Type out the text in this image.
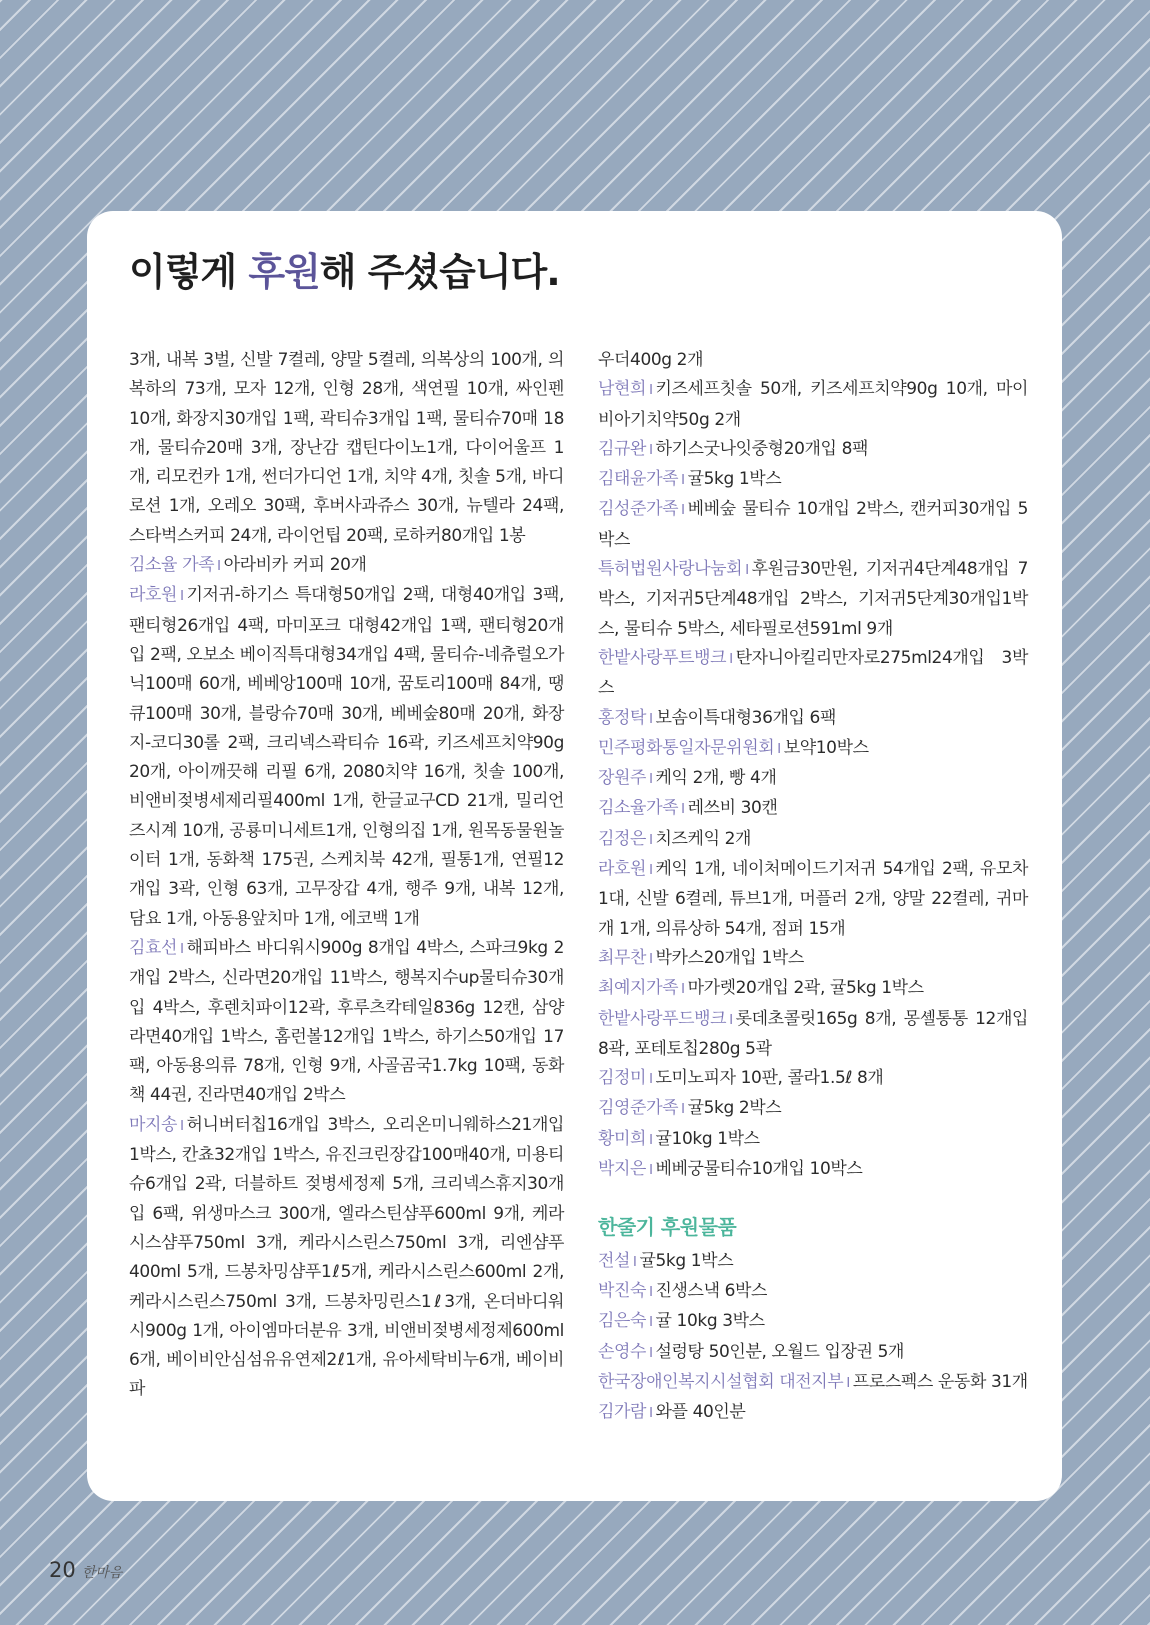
이렇게 후원해 주셨습니다.

3개, 내복 3벌, 신발 7켤레, 양말 5켤레, 의복상의 100개, 의복하의 73개, 모자 12개, 인형 28개, 색연필 10개, 싸인펜 10개, 화장지30개입 1팩, 곽티슈3개입 1팩, 물티슈70매 18개, 물티슈20매 3개, 장난감 캡틴다이노1개, 다이어울프 1개, 리모컨카 1개, 썬더가디언 1개, 치약 4개, 칫솔 5개, 바디로션 1개, 오레오 30팩, 후버사과쥬스 30개, 뉴텔라 24팩, 스타벅스커피 24개, 라이언팁 20팩, 로하커80개입 1봉

김소율 가족 I 아라비카 커피 20개

라호원 I 기저귀-하기스 특대형50개입 2팩, 대형40개입 3팩, 팬티형26개입 4팩, 마미포크 대형42개입 1팩, 팬티형20개입 2팩, 오보소 베이직특대형34개입 4팩, 물티슈-네츄럴오가닉100매 60개, 베베앙100매 10개, 꿈토리100매 84개, 땡큐100매 30개, 블랑슈70매 30개, 베베숲80매 20개, 화장지-코디30롤 2팩, 크리넥스곽티슈 16곽, 키즈세프치약90g 20개, 아이깨끗해 리필 6개, 2080치약 16개, 칫솔 100개, 비앤비젖병세제리필400ml 1개, 한글교구CD 21개, 밀리언즈시계 10개, 공룡미니세트1개, 인형의집 1개, 원목동물원놀이터 1개, 동화책 175권, 스케치북 42개, 필통1개, 연필12개입 3곽, 인형 63개, 고무장갑 4개, 행주 9개, 내복 12개, 담요 1개, 아동용앞치마 1개, 에코백 1개

김효선 I 해피바스 바디워시900g 8개입 4박스, 스파크9kg 2개입 2박스, 신라면20개입 11박스, 행복지수up물티슈30개입 4박스, 후렌치파이12곽, 후루츠칵테일836g 12캔, 삼양라면40개입 1박스, 홈런볼12개입 1박스, 하기스50개입 17팩, 아동용의류 78개, 인형 9개, 사골곰국1.7kg 10팩, 동화책 44권, 진라면40개입 2박스

마지송 I 허니버터칩16개입 3박스, 오리온미니웨하스21개입 1박스, 칸쵸32개입 1박스, 유진크린장갑100매40개, 미용티슈6개입 2곽, 더블하트 젖병세정제 5개, 크리넥스휴지30개입 6팩, 위생마스크 300개, 엘라스틴샴푸600ml 9개, 케라시스샴푸750ml 3개, 케라시스린스750ml 3개, 리엔샴푸400ml 5개, 드봉차밍샴푸1ℓ5개, 케라시스린스600ml 2개, 케라시스린스750ml 3개, 드봉차밍린스1ℓ3개, 온더바디워시900g 1개, 아이엠마더분유 3개, 비앤비젖병세정제600ml 6개, 베이비안심섬유유연제2ℓ1개, 유아세탁비누6개, 베이비파

우더400g 2개

남현희 I 키즈세프칫솔 50개, 키즈세프치약90g 10개, 마이비아기치약50g 2개

김규완 I 하기스굿나잇중형20개입 8팩

김태윤가족 I 귤5kg 1박스

김성준가족 I 베베숲 물티슈 10개입 2박스, 캔커피30개입 5박스

특허법원사랑나눔회 I 후원금30만원, 기저귀4단계48개입 7박스, 기저귀5단계48개입 2박스, 기저귀5단계30개입1박스, 물티슈 5박스, 세타필로션591ml 9개

한밭사랑푸트뱅크 I 탄자니아킬리만자로275ml24개입 3박스

홍정탁 I 보솜이특대형36개입 6팩

민주평화통일자문위원회 I 보약10박스

장원주 I 케익 2개, 빵 4개

김소율가족 I 레쓰비 30캔

김정은 I 치즈케익 2개

라호원 I 케익 1개, 네이처메이드기저귀 54개입 2팩, 유모차 1대, 신발 6켤레, 튜브1개, 머플러 2개, 양말 22켤레, 귀마개 1개, 의류상하 54개, 점퍼 15개

최무찬 I 박카스20개입 1박스

최예지가족 I 마가렛20개입 2곽, 귤5kg 1박스

한밭사랑푸드뱅크 I 롯데초콜릿165g 8개, 몽셸통통 12개입 8곽, 포테토칩280g 5곽

김정미 I 도미노피자 10판, 콜라1.5ℓ 8개

김영준가족 I 귤5kg 2박스

황미희 I 귤10kg 1박스

박지은 I 베베궁물티슈10개입 10박스

한줄기 후원물품

전설 I 귤5kg 1박스

박진숙 I 진생스낵 6박스

김은숙 I 귤 10kg 3박스

손영수 I 설렁탕 50인분, 오월드 입장권 5개

한국장애인복지시설협회 대전지부 I 프로스펙스 운동화 31개

김가람 I 와플 40인분

20 한마음
